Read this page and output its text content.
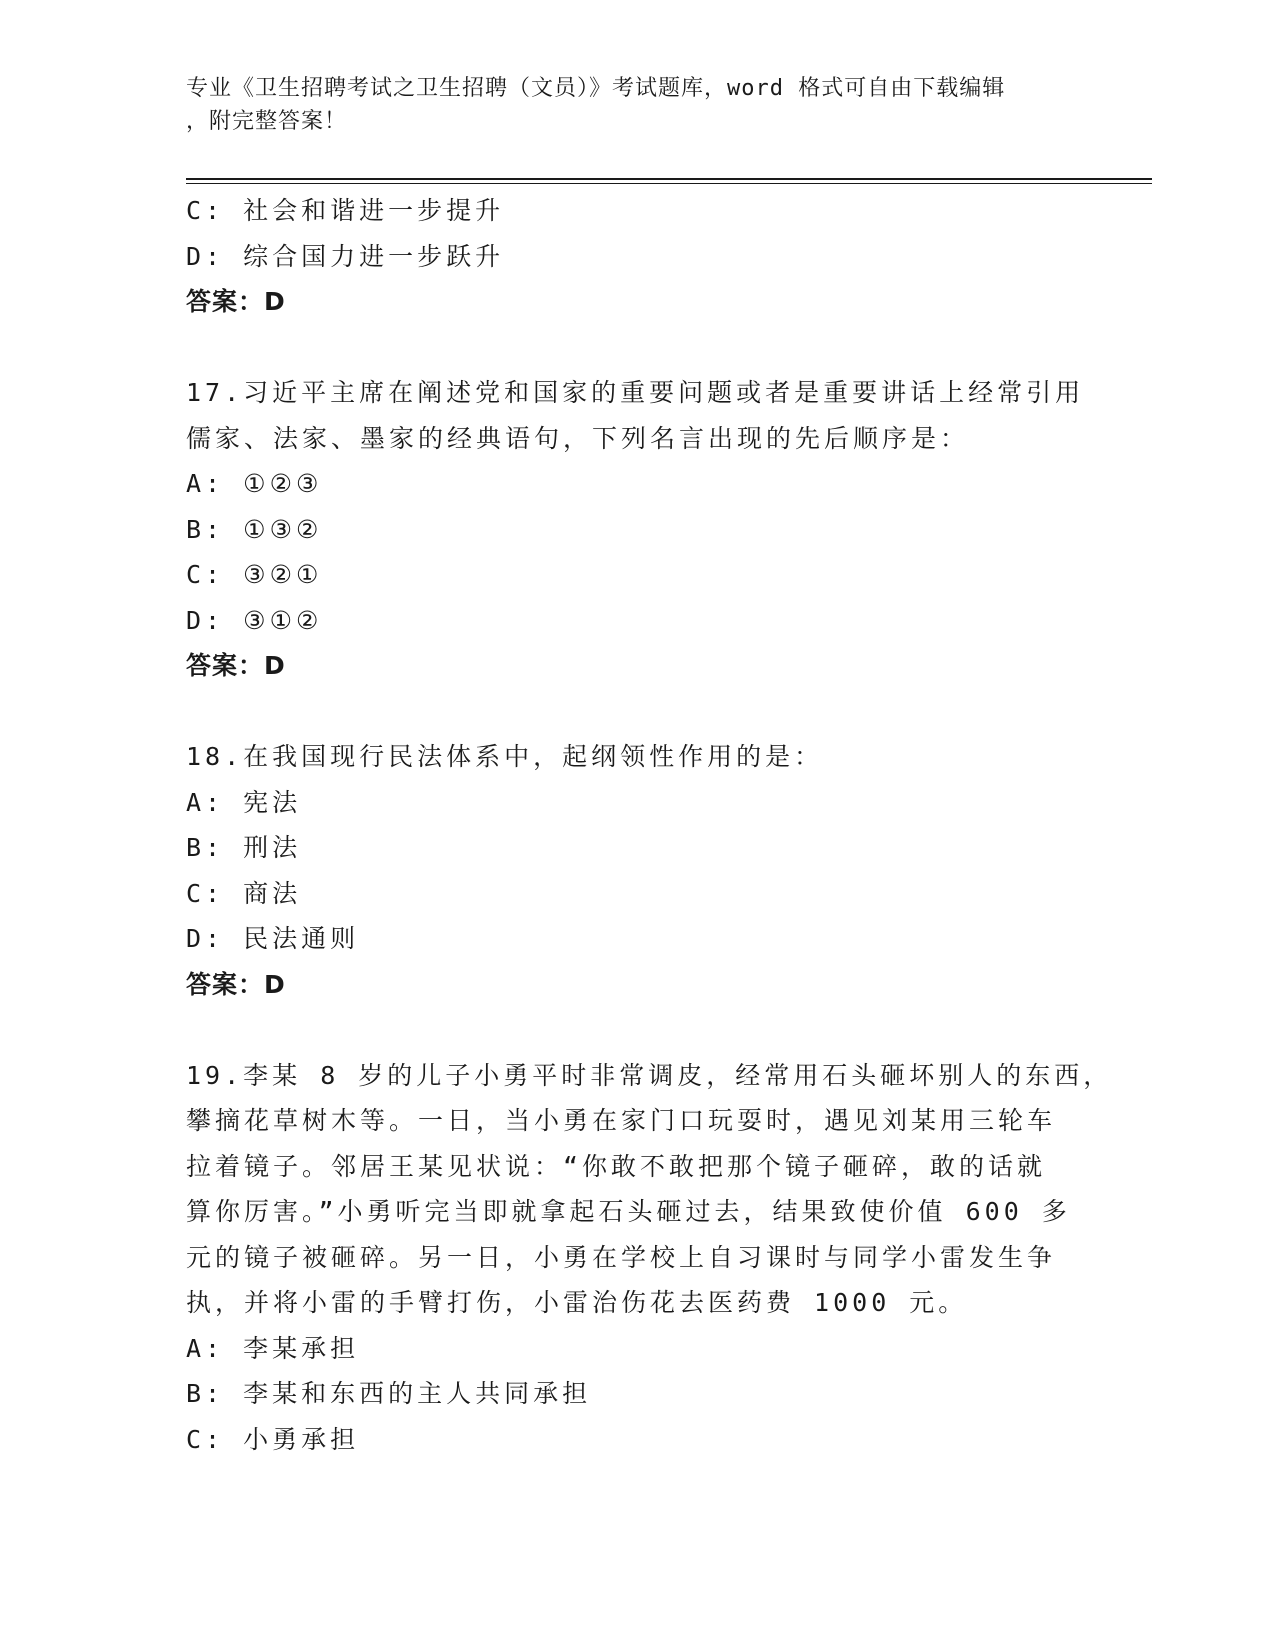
专业《卫生招聘考试之卫生招聘（文员）》考试题库，word 格式可自由下载编辑
，附完整答案！
C: 社会和谐进一步提升
D: 综合国力进一步跃升
答案：D
17.习近平主席在阐述党和国家的重要问题或者是重要讲话上经常引用
儒家、法家、墨家的经典语句，下列名言出现的先后顺序是：
A: ①②③
B: ①③②
C: ③②①
D: ③①②
答案：D
18.在我国现行民法体系中，起纲领性作用的是：
A: 宪法
B: 刑法
C: 商法
D: 民法通则
答案：D
19.李某 8 岁的儿子小勇平时非常调皮，经常用石头砸坏别人的东西，
攀摘花草树木等。一日，当小勇在家门口玩耍时，遇见刘某用三轮车
拉着镜子。邻居王某见状说：“你敢不敢把那个镜子砸碎，敢的话就
算你厉害。”小勇听完当即就拿起石头砸过去，结果致使价值 600 多
元的镜子被砸碎。另一日，小勇在学校上自习课时与同学小雷发生争
执，并将小雷的手臂打伤，小雷治伤花去医药费 1000 元。
A: 李某承担
B: 李某和东西的主人共同承担
C: 小勇承担
